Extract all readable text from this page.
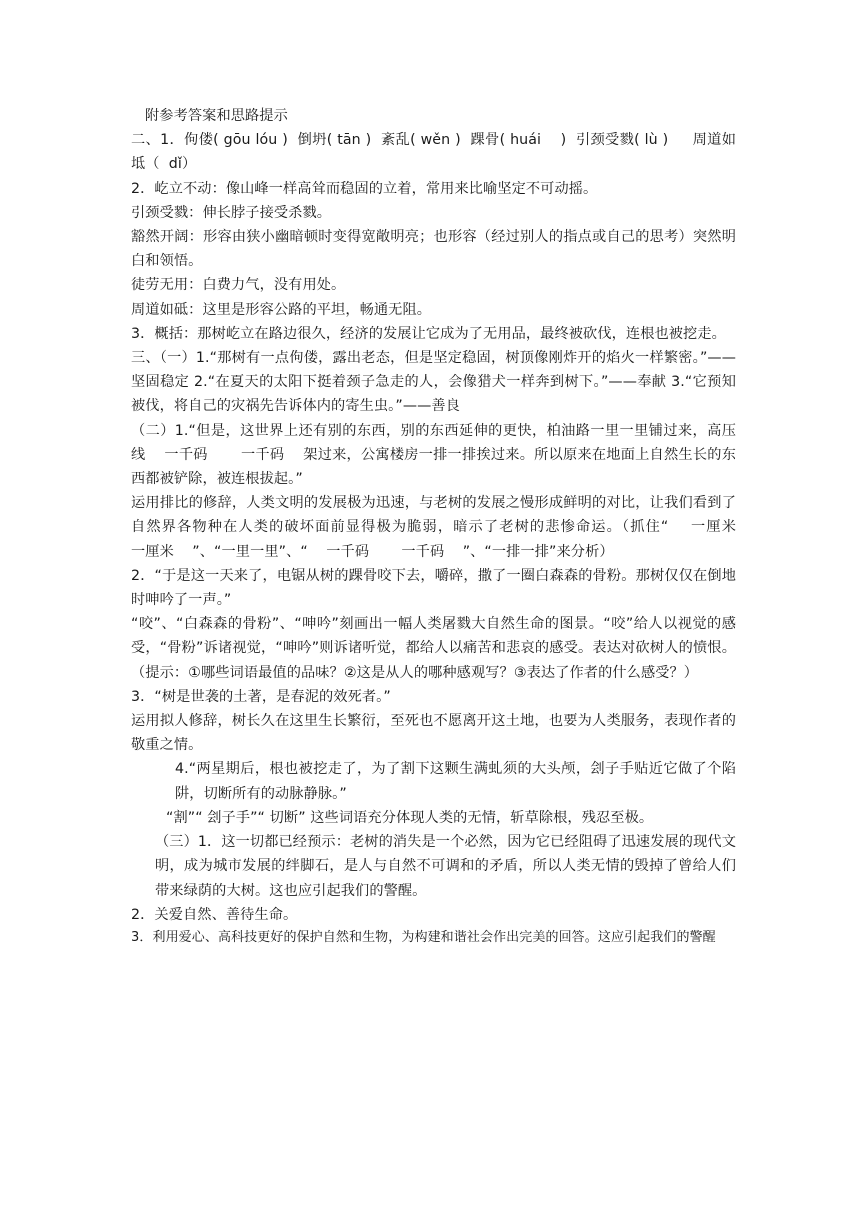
附参考答案和思路提示

二、1．佝偻( gōu lóu )  倒坍( tān )  紊乱( wěn )  踝骨( huái    )  引颈受戮( lù )     周道如坻（  dǐ）

2．屹立不动：像山峰一样高耸而稳固的立着，常用来比喻坚定不可动摇。

引颈受戮：伸长脖子接受杀戮。

豁然开阔：形容由狭小幽暗顿时变得宽敞明亮；也形容（经过别人的指点或自己的思考）突然明白和领悟。

徒劳无用：白费力气，没有用处。

周道如砥：这里是形容公路的平坦，畅通无阻。

3．概括：那树屹立在路边很久，经济的发展让它成为了无用品，最终被砍伐，连根也被挖走。

三、（一）1.“那树有一点佝偻，露出老态，但是坚定稳固，树顶像刚炸开的焰火一样繁密。”——坚固稳定 2.“在夏天的太阳下挺着颈子急走的人，会像猎犬一样奔到树下。”——奉献 3.“它预知被伐，将自己的灾祸先告诉体内的寄生虫。”——善良

（二）1.“但是，这世界上还有别的东西，别的东西延伸的更快，柏油路一里一里铺过来，高压线    一千码       一千码    架过来，公寓楼房一排一排挨过来。所以原来在地面上自然生长的东西都被铲除，被连根拔起。”

运用排比的修辞，人类文明的发展极为迅速，与老树的发展之慢形成鲜明的对比，让我们看到了自然界各物种在人类的破坏面前显得极为脆弱，暗示了老树的悲惨命运。（抓住“    一厘米       一厘米    ”、“一里一里”、“    一千码       一千码    ”、“一排一排”来分析）

2．“于是这一天来了，电锯从树的踝骨咬下去，嚼碎，撒了一圈白森森的骨粉。那树仅仅在倒地时呻吟了一声。”

“咬”、“白森森的骨粉”、“呻吟”刻画出一幅人类屠戮大自然生命的图景。“咬”给人以视觉的感受，“骨粉”诉诸视觉，“呻吟”则诉诸听觉，都给人以痛苦和悲哀的感受。表达对砍树人的愤恨。（提示：①哪些词语最值的品味？②这是从人的哪种感观写？③表达了作者的什么感受？）

3．“树是世袭的土著，是春泥的效死者。”

运用拟人修辞，树长久在这里生长繁衍，至死也不愿离开这土地，也要为人类服务，表现作者的敬重之情。

4.“两星期后，根也被挖走了，为了割下这颗生满虬须的大头颅，刽子手贴近它做了个陷阱，切断所有的动脉静脉。”

“割”“ 刽子手”“ 切断” 这些词语充分体现人类的无情，斩草除根，残忍至极。

（三）1．这一切都已经预示：老树的消失是一个必然，因为它已经阻碍了迅速发展的现代文明，成为城市发展的绊脚石，是人与自然不可调和的矛盾，所以人类无情的毁掉了曾给人们带来绿荫的大树。这也应引起我们的警醒。

2．关爱自然、善待生命。

3．利用爱心、高科技更好的保护自然和生物，为构建和谐社会作出完美的回答。这应引起我们的警醒
